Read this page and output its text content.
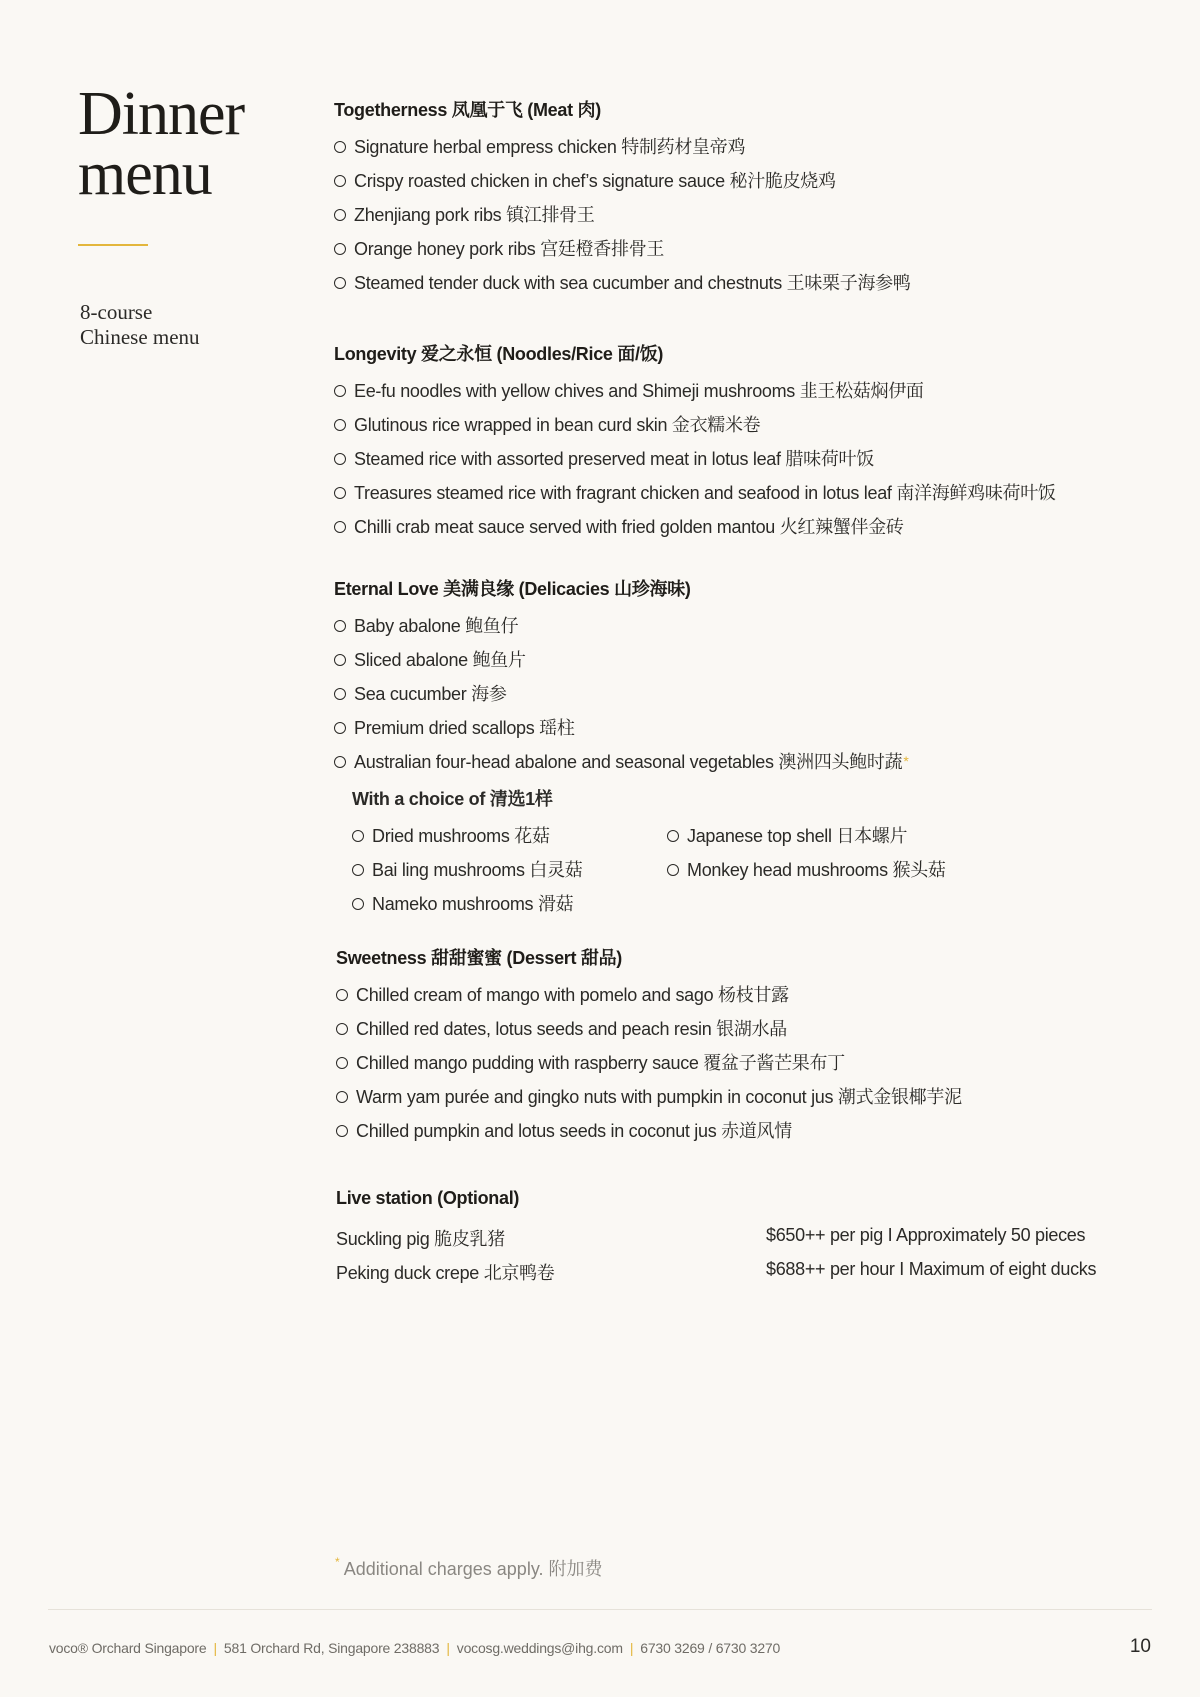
Dinner
menu
8-course
Chinese menu
Togetherness 凤凰于飞 (Meat 肉)
Signature herbal empress chicken 特制药材皇帝鸡
Crispy roasted chicken in chef’s signature sauce 秘汁脆皮烧鸡
Zhenjiang pork ribs 镇江排骨王
Orange honey pork ribs 宫廷橙香排骨王
Steamed tender duck with sea cucumber and chestnuts 王味栗子海参鸭
Longevity 爱之永恒 (Noodles/Rice 面/饭)
Ee-fu noodles with yellow chives and Shimeji mushrooms 韭王松菇焖伊面
Glutinous rice wrapped in bean curd skin 金衣糯米卷
Steamed rice with assorted preserved meat in lotus leaf 腊味荷叶饭
Treasures steamed rice with fragrant chicken and seafood in lotus leaf 南洋海鲜鸡味荷叶饭
Chilli crab meat sauce served with fried golden mantou 火红辣蟹伴金砖
Eternal Love 美满良缘 (Delicacies 山珍海味)
Baby abalone 鲍鱼仔
Sliced abalone 鲍鱼片
Sea cucumber 海参
Premium dried scallops 瑶柱
Australian four-head abalone and seasonal vegetables 澳洲四头鲍时蔬 *
With a choice of 清选1样
Dried mushrooms 花菇
Bai ling mushrooms 白灵菇
Nameko mushrooms 滑菇
Japanese top shell 日本螺片
Monkey head mushrooms 猴头菇
Sweetness 甜甜蜜蜜 (Dessert 甜品)
Chilled cream of mango with pomelo and sago 杨枝甘露
Chilled red dates, lotus seeds and peach resin 银湖水晶
Chilled mango pudding with raspberry sauce 覆盆子酱芒果布丁
Warm yam purée and gingko nuts with pumpkin in coconut jus 潮式金银椰芋泥
Chilled pumpkin and lotus seeds in coconut jus 赤道风情
Live station (Optional)
Suckling pig 脆皮乳猪	$650++ per pig I Approximately 50 pieces
Peking duck crepe 北京鸭卷	$688++ per hour I Maximum of eight ducks
* Additional charges apply. 附加费
voco® Orchard Singapore | 581 Orchard Rd, Singapore 238883 | vocosg.weddings@ihg.com | 6730 3269 / 6730 3270	10
